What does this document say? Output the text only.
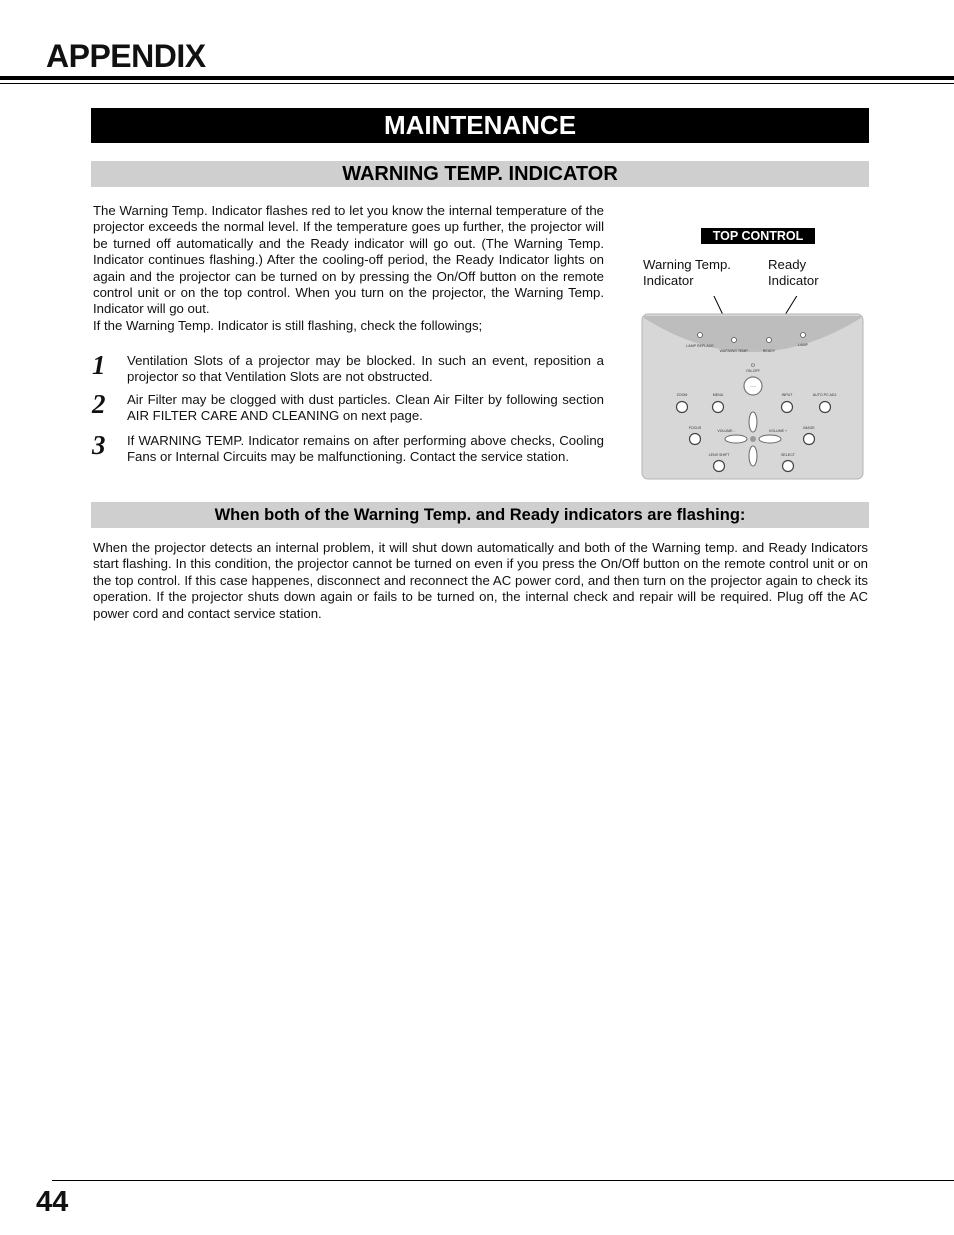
APPENDIX
MAINTENANCE
WARNING TEMP. INDICATOR

The Warning Temp. Indicator flashes red to let you know the internal temperature of the projector exceeds the normal level. If the temperature goes up further, the projector will be turned off automatically and the Ready indicator will go out. (The Warning Temp. Indicator continues flashing.) After the cooling-off period, the Ready Indicator lights on again and the projector can be turned on by pressing the On/Off button on the remote control unit or on the top control. When you turn on the projector, the Warning Temp. Indicator will go out.

If the Warning Temp. Indicator is still flashing, check the followings;

1 Ventilation Slots of a projector may be blocked. In such an event, reposition a projector so that Ventilation Slots are not obstructed.

2 Air Filter may be clogged with dust particles. Clean Air Filter by following section AIR FILTER CARE AND CLEANING on next page.

3 If WARNING TEMP. Indicator remains on after performing above checks, Cooling Fans or Internal Circuits may be malfunctioning. Contact the service station.

TOP CONTROL

Warning Temp. Indicator

Ready Indicator

LAMP REPLACE
WARNING TEMP.	READY
LAMP
ON-OFF
ZOOM	MENU	INPUT	AUTO PC ADJ.
FOCUS
VOLUME -	VOLUME +
IMAGE
LENS SHIFT	SELECT
···
⏻
When both of the Warning Temp. and Ready indicators are flashing:

When the projector detects an internal problem, it will shut down automatically and both of the Warning temp. and Ready Indicators start flashing. In this condition, the projector cannot be turned on even if you press the On/Off button on the remote control unit or on the top control. If this case happenes, disconnect and reconnect the AC power cord, and then turn on the projector again to check its operation. If the projector shuts down again or fails to be turned on, the internal check and repair will be required. Plug off the AC power cord and contact service station.

44
